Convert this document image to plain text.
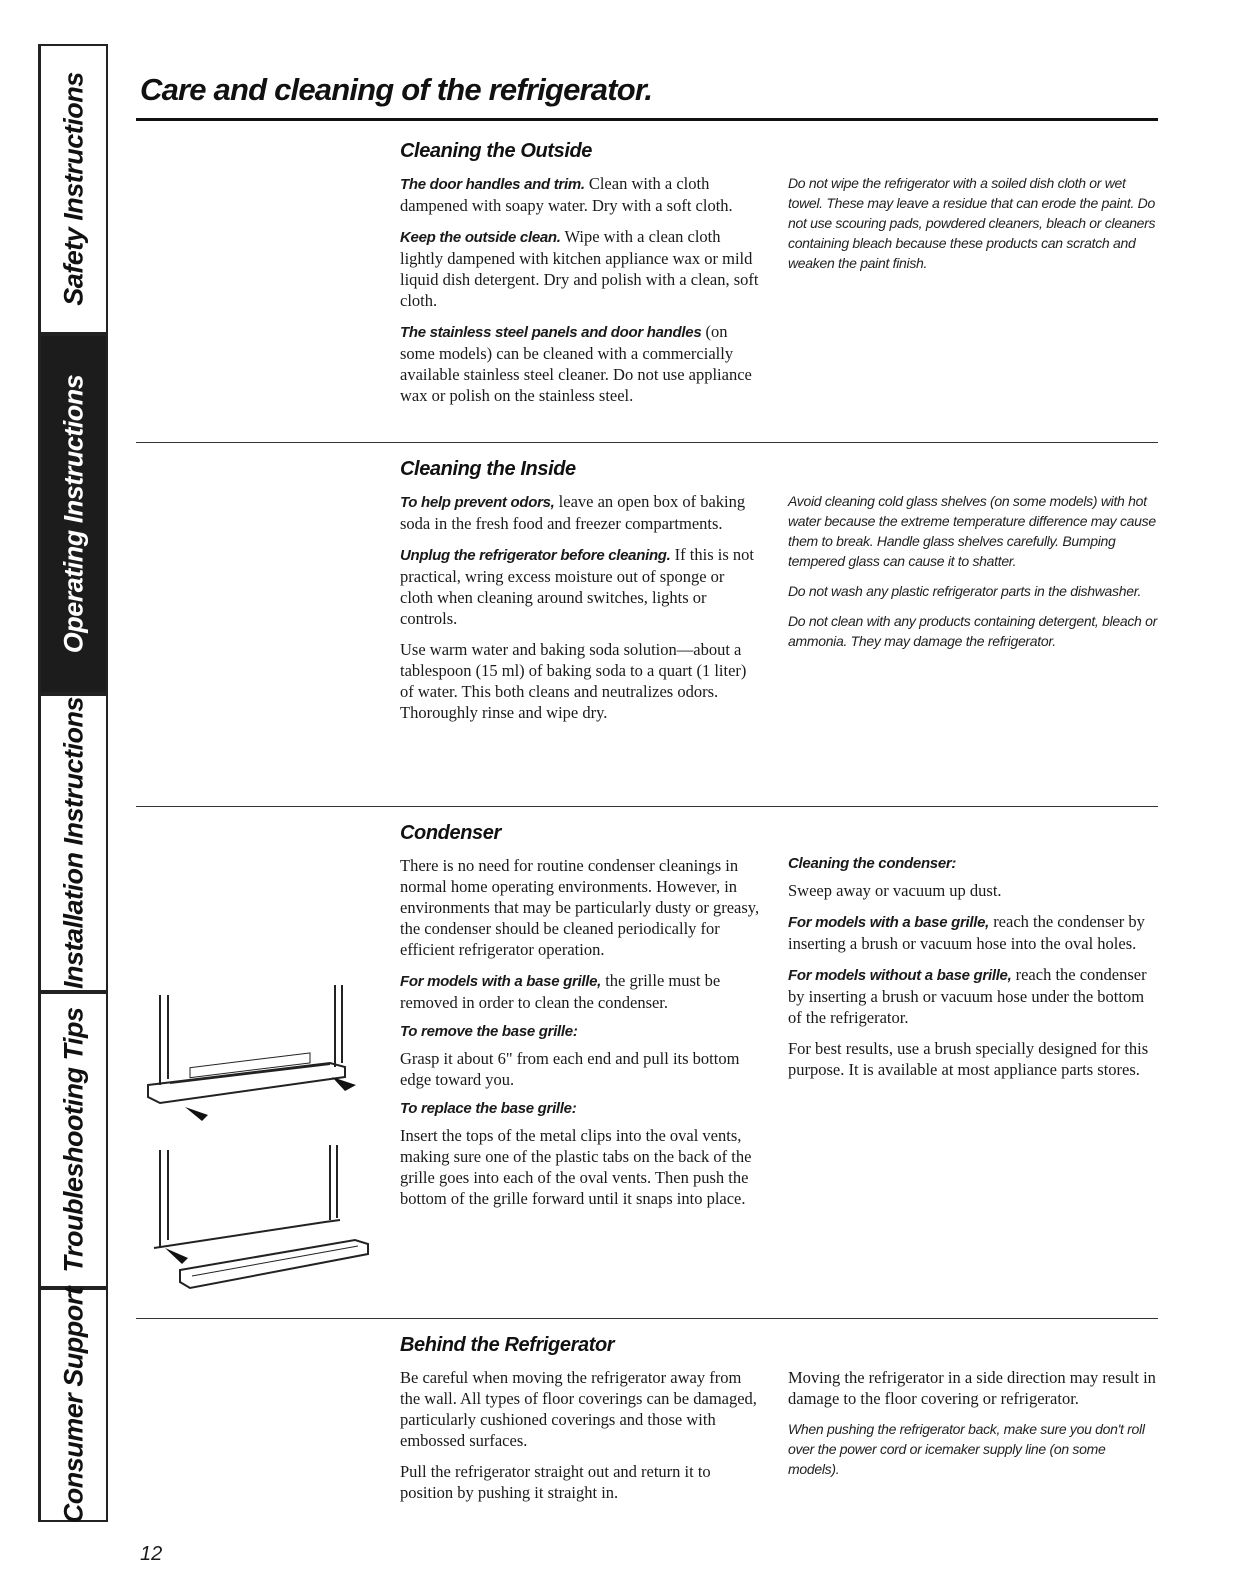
Safety Instructions
Operating Instructions
Installation Instructions
Troubleshooting Tips
Consumer Support
Care and cleaning of the refrigerator.
Cleaning the Outside

The door handles and trim. Clean with a cloth dampened with soapy water. Dry with a soft cloth.

Keep the outside clean. Wipe with a clean cloth lightly dampened with kitchen appliance wax or mild liquid dish detergent. Dry and polish with a clean, soft cloth.

The stainless steel panels and door handles (on some models) can be cleaned with a commercially available stainless steel cleaner. Do not use appliance wax or polish on the stainless steel.

Do not wipe the refrigerator with a soiled dish cloth or wet towel. These may leave a residue that can erode the paint. Do not use scouring pads, powdered cleaners, bleach or cleaners containing bleach because these products can scratch and weaken the paint finish.

Cleaning the Inside

To help prevent odors, leave an open box of baking soda in the fresh food and freezer compartments.

Unplug the refrigerator before cleaning. If this is not practical, wring excess moisture out of sponge or cloth when cleaning around switches, lights or controls.

Use warm water and baking soda solution—about a tablespoon (15 ml) of baking soda to a quart (1 liter) of water. This both cleans and neutralizes odors. Thoroughly rinse and wipe dry.

Avoid cleaning cold glass shelves (on some models) with hot water because the extreme temperature difference may cause them to break. Handle glass shelves carefully. Bumping tempered glass can cause it to shatter.

Do not wash any plastic refrigerator parts in the dishwasher.

Do not clean with any products containing detergent, bleach or ammonia. They may damage the refrigerator.

Condenser

There is no need for routine condenser cleanings in normal home operating environments. However, in environments that may be particularly dusty or greasy, the condenser should be cleaned periodically for efficient refrigerator operation.

For models with a base grille, the grille must be removed in order to clean the condenser.

To remove the base grille:

Grasp it about 6" from each end and pull its bottom edge toward you.

To replace the base grille:

Insert the tops of the metal clips into the oval vents, making sure one of the plastic tabs on the back of the grille goes into each of the oval vents. Then push the bottom of the grille forward until it snaps into place.

Cleaning the condenser:

Sweep away or vacuum up dust.

For models with a base grille, reach the condenser by inserting a brush or vacuum hose into the oval holes.

For models without a base grille, reach the condenser by inserting a brush or vacuum hose under the bottom of the refrigerator.

For best results, use a brush specially designed for this purpose. It is available at most appliance parts stores.

Behind the Refrigerator

Be careful when moving the refrigerator away from the wall. All types of floor coverings can be damaged, particularly cushioned coverings and those with embossed surfaces.

Pull the refrigerator straight out and return it to position by pushing it straight in.

Moving the refrigerator in a side direction may result in damage to the floor covering or refrigerator.

When pushing the refrigerator back, make sure you don't roll over the power cord or icemaker supply line (on some models).

12
